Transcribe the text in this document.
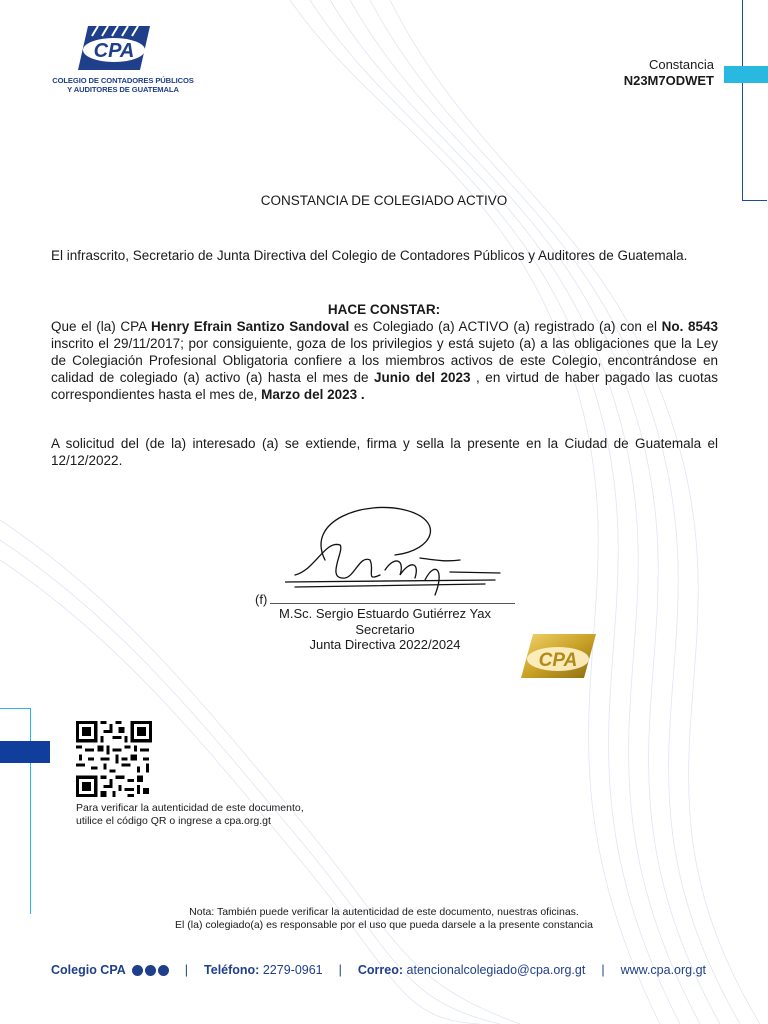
CPA
COLEGIO DE CONTADORES PÚBLICOS
Y AUDITORES DE GUATEMALA
Constancia
N23M7ODWET
CONSTANCIA DE COLEGIADO ACTIVO
El infrascrito, Secretario de Junta Directiva del Colegio de Contadores Públicos y Auditores de Guatemala.
HACE CONSTAR:
Que el (la) CPA Henry Efrain Santizo Sandoval es Colegiado (a) ACTIVO (a) registrado (a) con el No. 8543 inscrito el 29/11/2017; por consiguiente, goza de los privilegios y está sujeto (a) a las obligaciones que la Ley de Colegiación Profesional Obligatoria confiere a los miembros activos de este Colegio, encontrándose en calidad de colegiado (a) activo (a) hasta el mes de Junio del 2023 , en virtud de haber pagado las cuotas correspondientes hasta el mes de, Marzo del 2023 .
A solicitud del (de la) interesado (a) se extiende, firma y sella la presente en la Ciudad de Guatemala el 12/12/2022.
(f)
M.Sc. Sergio Estuardo Gutiérrez Yax
Secretario
Junta Directiva 2022/2024
CPA
Para verificar la autenticidad de este documento,
utilice el código QR o ingrese a cpa.org.gt
Nota: También puede verificar la autenticidad de este documento, nuestras oficinas.
El (la) colegiado(a) es responsable por el uso que pueda darsele a la presente constancia
Colegio CPA	| Teléfono:
2279-0961 | Correo:
atencionalcolegiado@cpa.org.gt | www.cpa.org.gt
